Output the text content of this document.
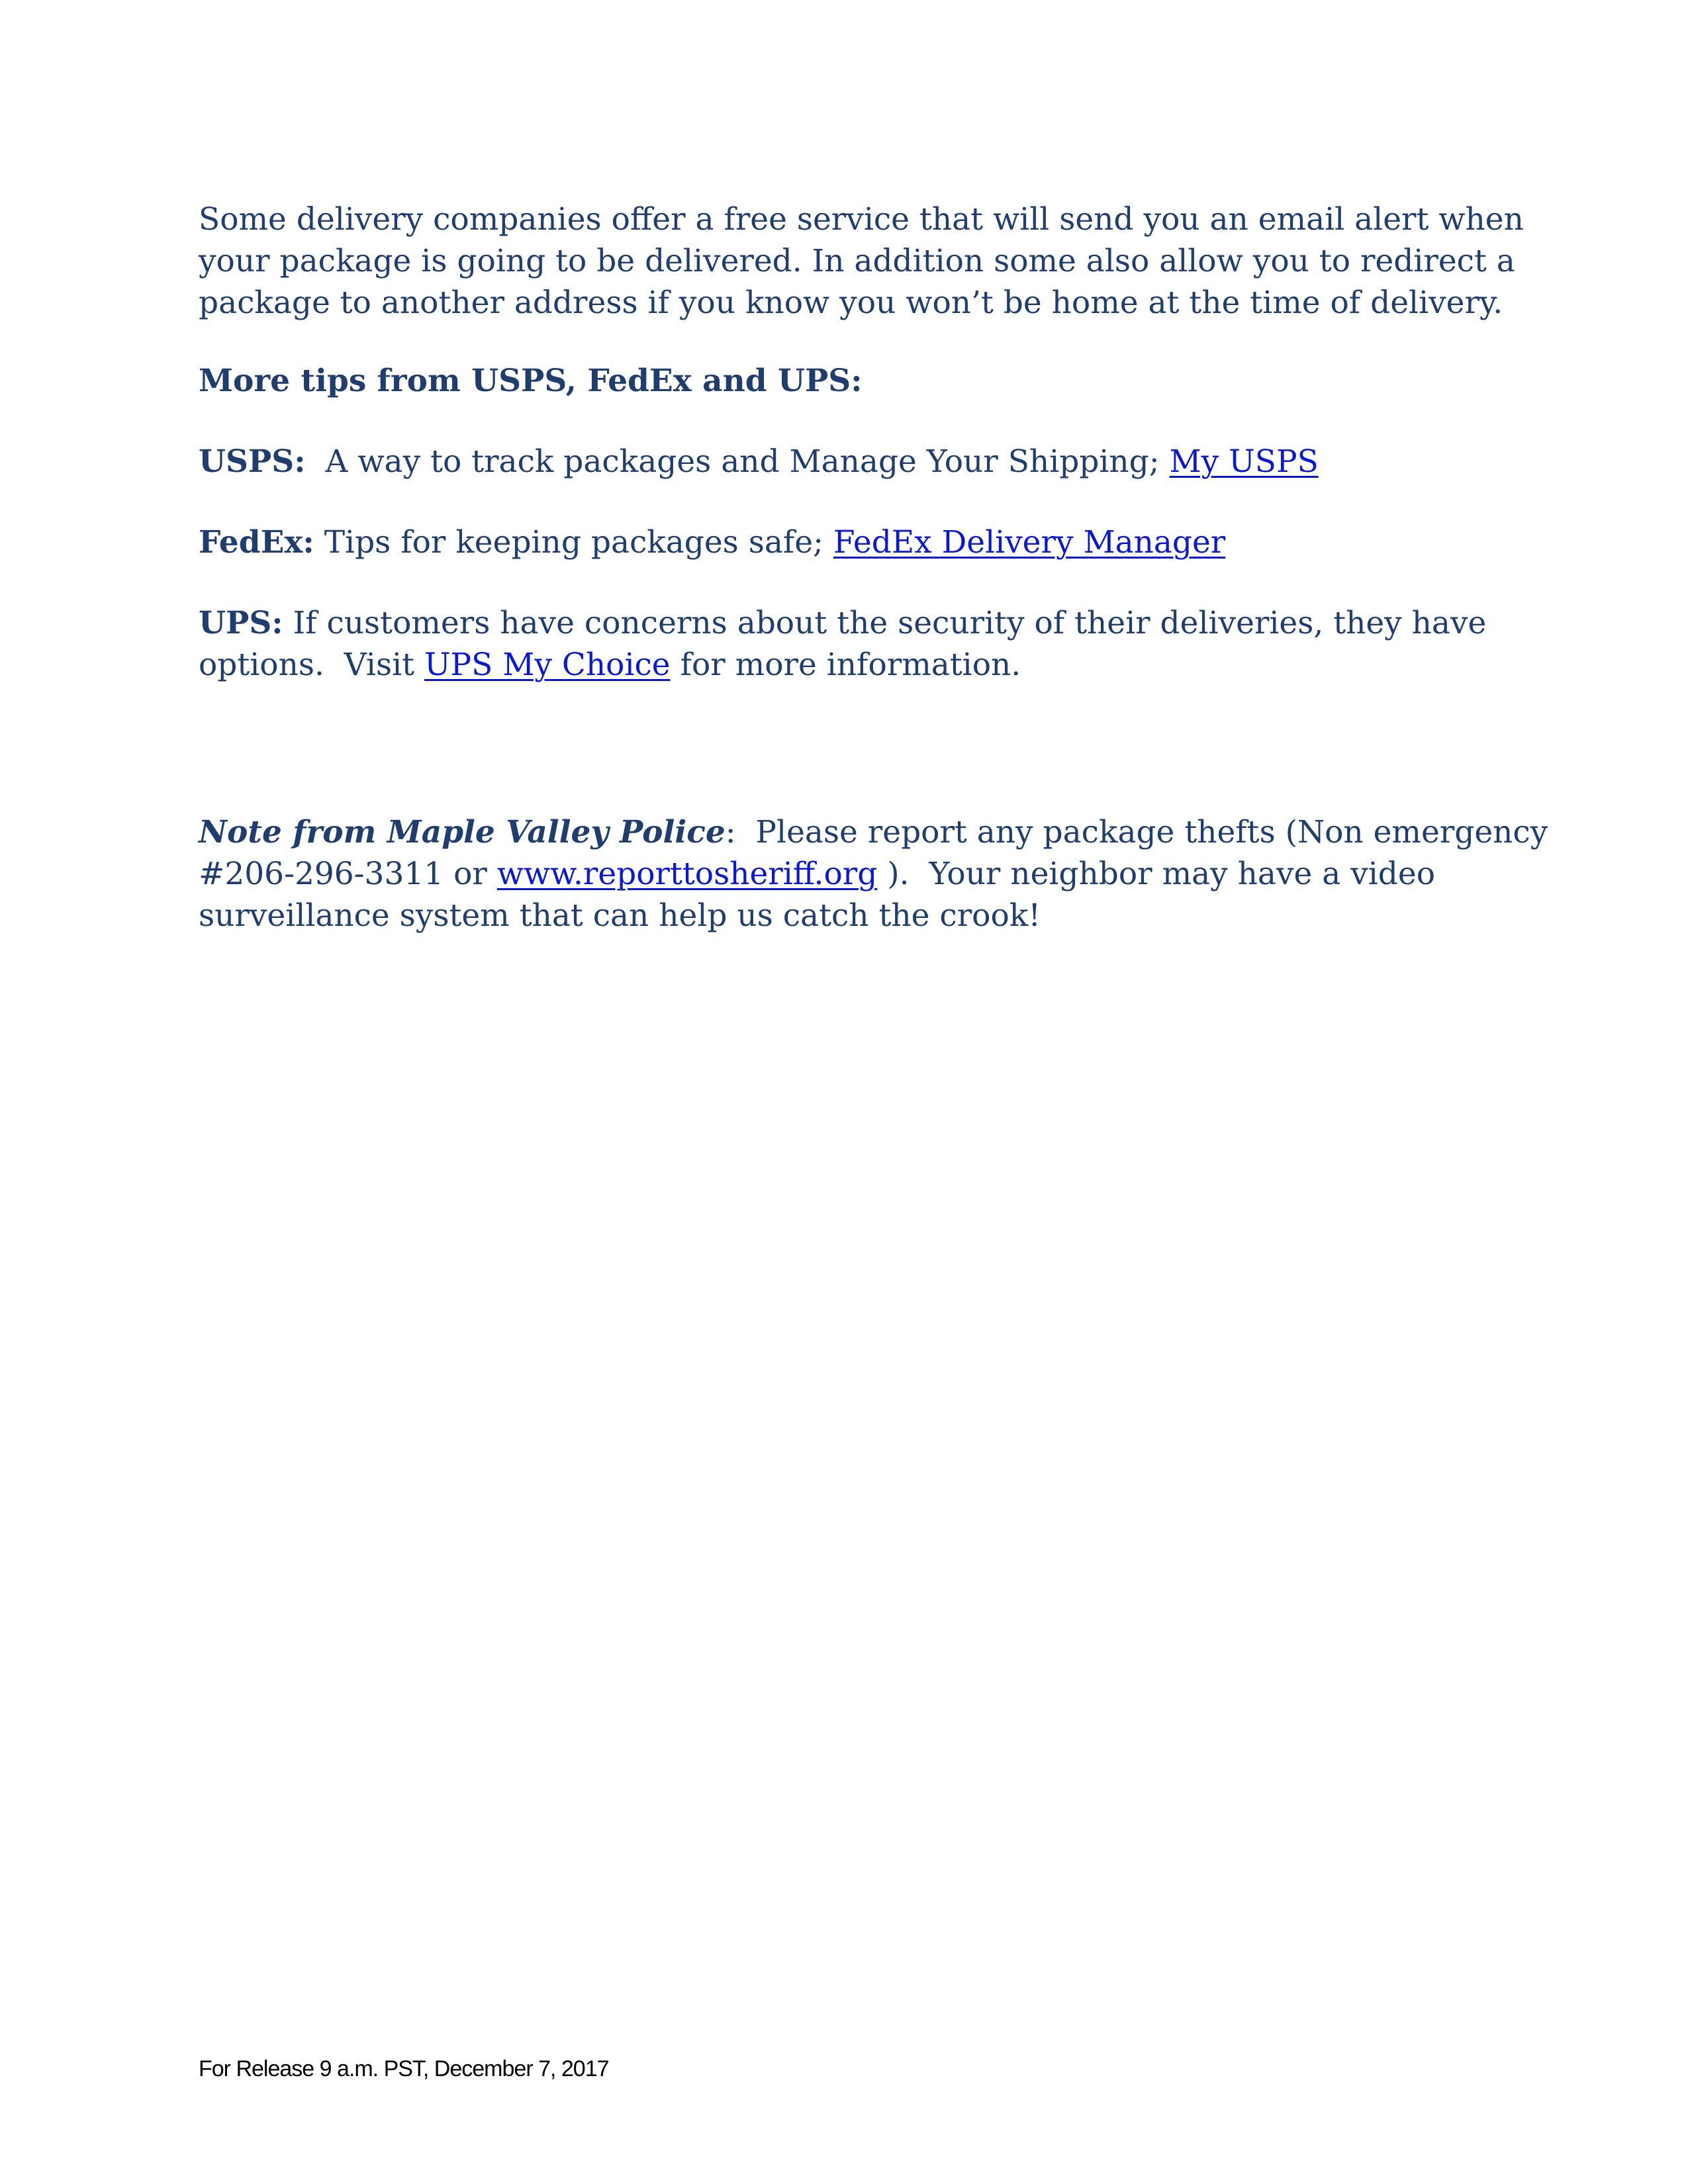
Some delivery companies offer a free service that will send you an email alert when
your package is going to be delivered. In addition some also allow you to redirect a
package to another address if you know you won’t be home at the time of delivery.
More tips from USPS, FedEx and UPS:
USPS:  A way to track packages and Manage Your Shipping; My USPS
FedEx: Tips for keeping packages safe; FedEx Delivery Manager
UPS: If customers have concerns about the security of their deliveries, they have
options.  Visit UPS My Choice for more information.
Note from Maple Valley Police:  Please report any package thefts (Non emergency
#206-296-3311 or www.reporttosheriff.org ).  Your neighbor may have a video
surveillance system that can help us catch the crook!
For Release 9 a.m. PST, December 7, 2017
